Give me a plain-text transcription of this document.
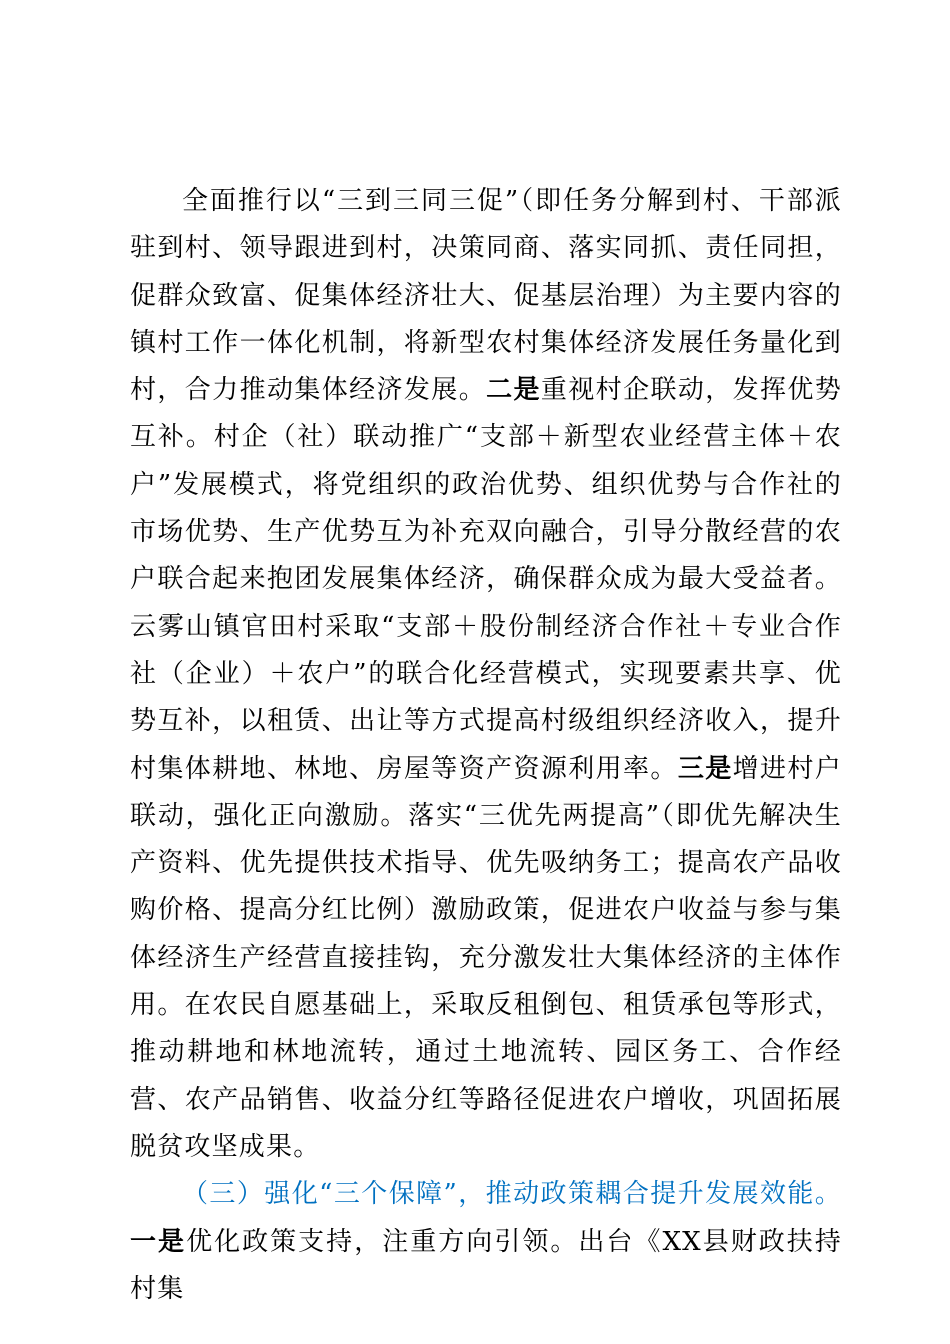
全面推行以“三到三同三促”（即任务分解到村、干部派驻到村、领导跟进到村，决策同商、落实同抓、责任同担，促群众致富、促集体经济壮大、促基层治理）为主要内容的镇村工作一体化机制，将新型农村集体经济发展任务量化到村，合力推动集体经济发展。二是重视村企联动，发挥优势互补。村企（社）联动推广“支部＋新型农业经营主体＋农户”发展模式，将党组织的政治优势、组织优势与合作社的市场优势、生产优势互为补充双向融合，引导分散经营的农户联合起来抱团发展集体经济，确保群众成为最大受益者。云雾山镇官田村采取“支部＋股份制经济合作社＋专业合作社（企业）＋农户”的联合化经营模式，实现要素共享、优势互补，以租赁、出让等方式提高村级组织经济收入，提升村集体耕地、林地、房屋等资产资源利用率。三是增进村户联动，强化正向激励。落实“三优先两提高”（即优先解决生产资料、优先提供技术指导、优先吸纳务工；提高农产品收购价格、提高分红比例）激励政策，促进农户收益与参与集体经济生产经营直接挂钩，充分激发壮大集体经济的主体作用。在农民自愿基础上，采取反租倒包、租赁承包等形式，推动耕地和林地流转，通过土地流转、园区务工、合作经营、农产品销售、收益分红等路径促进农户增收，巩固拓展脱贫攻坚成果。

（三）强化“三个保障”，推动政策耦合提升发展效能。一是优化政策支持，注重方向引领。出台《XX县财政扶持村集
